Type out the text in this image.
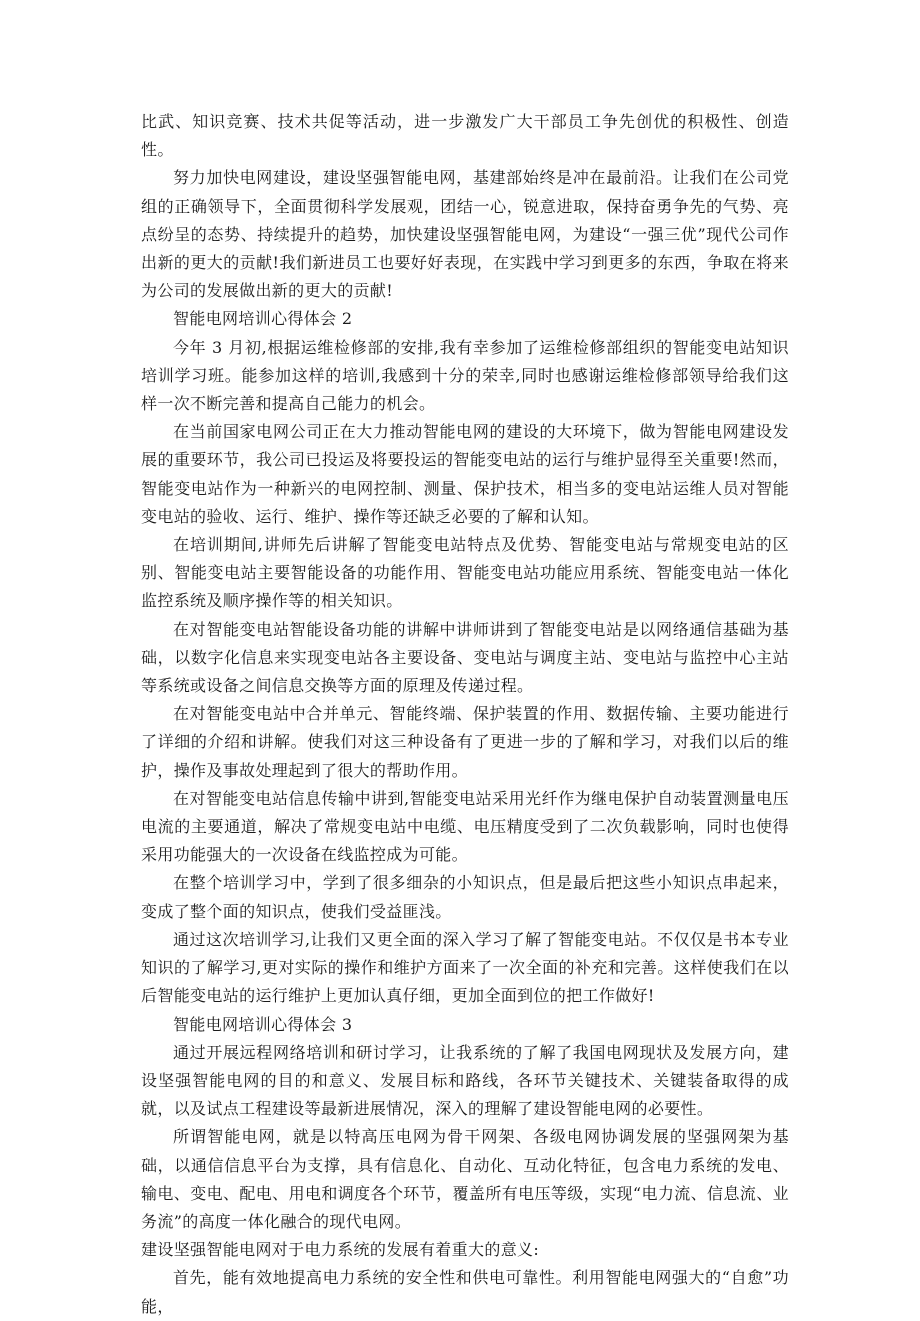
比武、知识竞赛、技术共促等活动，进一步激发广大干部员工争先创优的积极性、创造性。

努力加快电网建设，建设坚强智能电网，基建部始终是冲在最前沿。让我们在公司党组的正确领导下，全面贯彻科学发展观，团结一心，锐意进取，保持奋勇争先的气势、亮点纷呈的态势、持续提升的趋势，加快建设坚强智能电网，为建设“一强三优”现代公司作出新的更大的贡献!我们新进员工也要好好表现，在实践中学习到更多的东西，争取在将来为公司的发展做出新的更大的贡献!

智能电网培训心得体会 2

今年 3 月初,根据运维检修部的安排,我有幸参加了运维检修部组织的智能变电站知识培训学习班。能参加这样的培训,我感到十分的荣幸,同时也感谢运维检修部领导给我们这样一次不断完善和提高自己能力的机会。

在当前国家电网公司正在大力推动智能电网的建设的大环境下，做为智能电网建设发展的重要环节，我公司已投运及将要投运的智能变电站的运行与维护显得至关重要!然而，智能变电站作为一种新兴的电网控制、测量、保护技术，相当多的变电站运维人员对智能变电站的验收、运行、维护、操作等还缺乏必要的了解和认知。

在培训期间,讲师先后讲解了智能变电站特点及优势、智能变电站与常规变电站的区别、智能变电站主要智能设备的功能作用、智能变电站功能应用系统、智能变电站一体化监控系统及顺序操作等的相关知识。

在对智能变电站智能设备功能的讲解中讲师讲到了智能变电站是以网络通信基础为基础，以数字化信息来实现变电站各主要设备、变电站与调度主站、变电站与监控中心主站等系统或设备之间信息交换等方面的原理及传递过程。

在对智能变电站中合并单元、智能终端、保护装置的作用、数据传输、主要功能进行了详细的介绍和讲解。使我们对这三种设备有了更进一步的了解和学习，对我们以后的维护，操作及事故处理起到了很大的帮助作用。

在对智能变电站信息传输中讲到,智能变电站采用光纤作为继电保护自动装置测量电压电流的主要通道，解决了常规变电站中电缆、电压精度受到了二次负载影响，同时也使得采用功能强大的一次设备在线监控成为可能。

在整个培训学习中，学到了很多细杂的小知识点，但是最后把这些小知识点串起来，变成了整个面的知识点，使我们受益匪浅。

通过这次培训学习,让我们又更全面的深入学习了解了智能变电站。不仅仅是书本专业知识的了解学习,更对实际的操作和维护方面来了一次全面的补充和完善。这样使我们在以后智能变电站的运行维护上更加认真仔细，更加全面到位的把工作做好!

智能电网培训心得体会 3

通过开展远程网络培训和研讨学习，让我系统的了解了我国电网现状及发展方向，建设坚强智能电网的目的和意义、发展目标和路线，各环节关键技术、关键装备取得的成就，以及试点工程建设等最新进展情况，深入的理解了建设智能电网的必要性。

所谓智能电网，就是以特高压电网为骨干网架、各级电网协调发展的坚强网架为基础，以通信信息平台为支撑，具有信息化、自动化、互动化特征，包含电力系统的发电、输电、变电、配电、用电和调度各个环节，覆盖所有电压等级，实现“电力流、信息流、业务流”的高度一体化融合的现代电网。

建设坚强智能电网对于电力系统的发展有着重大的意义:

首先，能有效地提高电力系统的安全性和供电可靠性。利用智能电网强大的“自愈”功能，
